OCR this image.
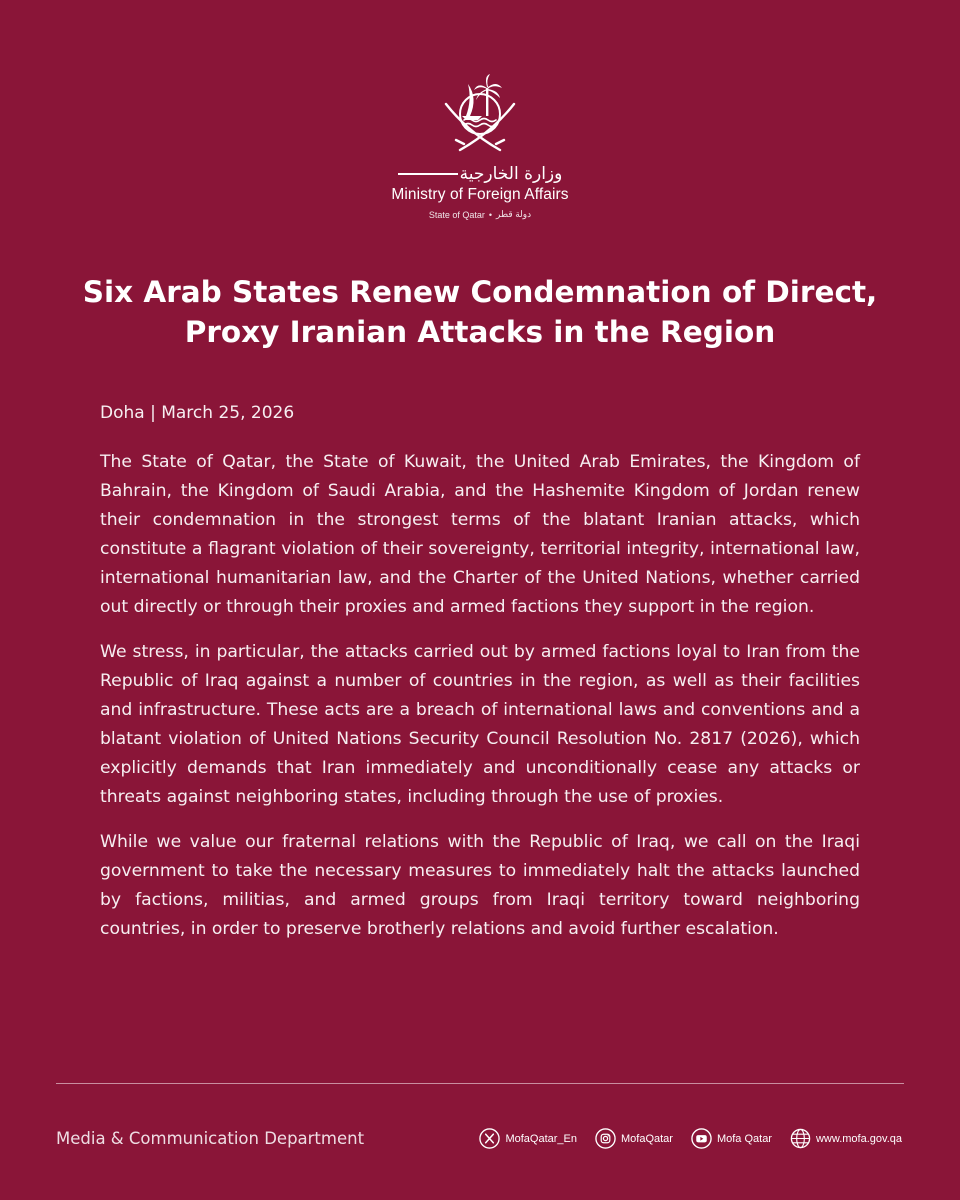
وزارة الخارجية
Ministry of Foreign Affairs
State of Qatar • دولة قطر
Six Arab States Renew Condemnation of Direct,
Proxy Iranian Attacks in the Region
Doha | March 25, 2026

The State of Qatar, the State of Kuwait, the United Arab Emirates, the Kingdom of Bahrain, the Kingdom of Saudi Arabia, and the Hashemite Kingdom of Jordan renew their condemnation in the strongest terms of the blatant Iranian attacks, which constitute a flagrant violation of their sovereignty, territorial integrity, international law, international humanitarian law, and the Charter of the United Nations, whether carried out directly or through their proxies and armed factions they support in the region.

We stress, in particular, the attacks carried out by armed factions loyal to Iran from the Republic of Iraq against a number of countries in the region, as well as their facilities and infrastructure. These acts are a breach of international laws and conventions and a blatant violation of United Nations Security Council Resolution No. 2817 (2026), which explicitly demands that Iran immediately and unconditionally cease any attacks or threats against neighboring states, including through the use of proxies.

While we value our fraternal relations with the Republic of Iraq, we call on the Iraqi government to take the necessary measures to immediately halt the attacks launched by factions, militias, and armed groups from Iraqi territory toward neighboring countries, in order to preserve brotherly relations and avoid further escalation.

Media & Communication Department	MofaQatar_En	MofaQatar	Mofa Qatar	www.mofa.gov.qa
